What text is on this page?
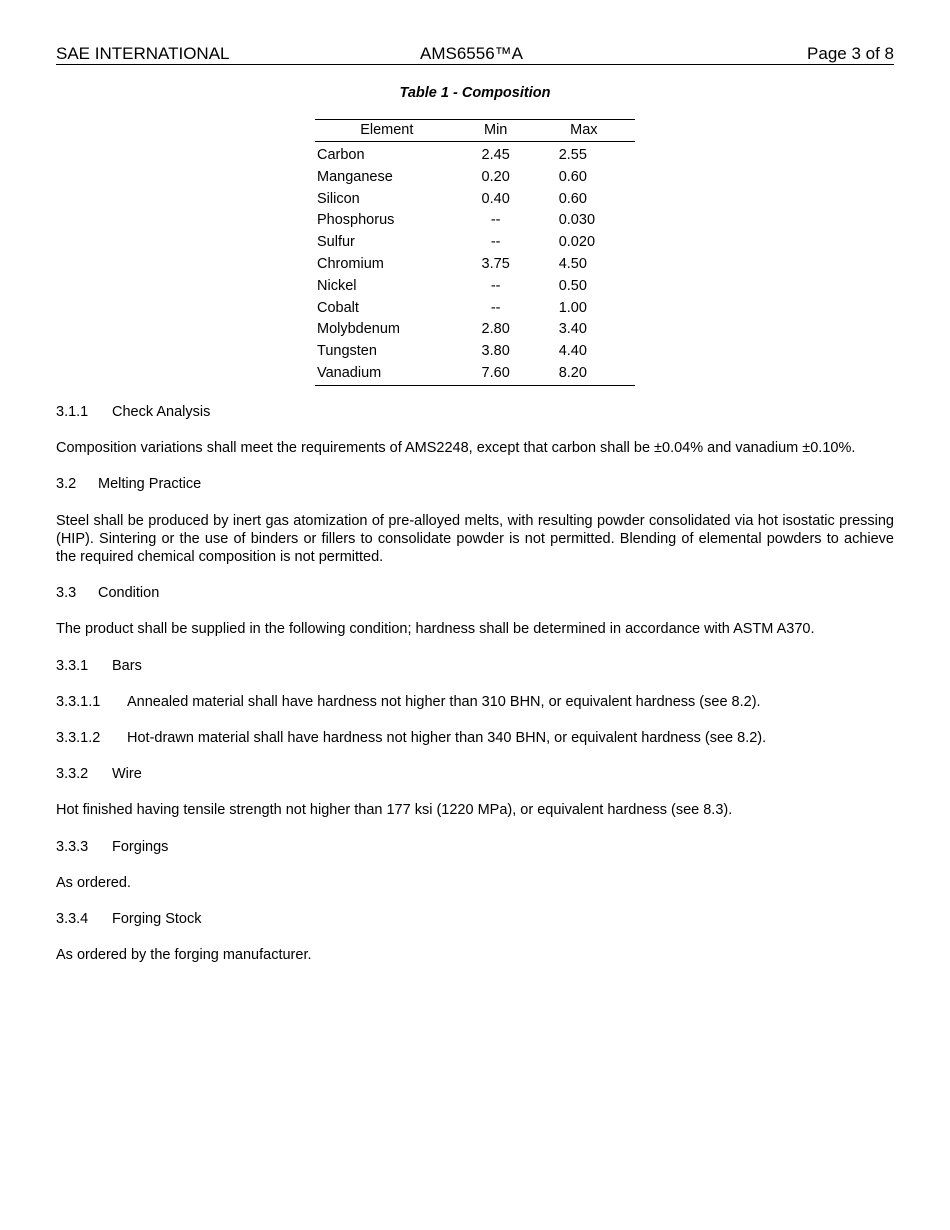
SAE INTERNATIONAL	AMS6556™A	Page 3 of 8
Table 1 - Composition
Element	Min	Max
Carbon	2.45	2.55
Manganese	0.20	0.60
Silicon	0.40	0.60
Phosphorus	--	0.030
Sulfur	--	0.020
Chromium	3.75	4.50
Nickel	--	0.50
Cobalt	--	1.00
Molybdenum	2.80	3.40
Tungsten	3.80	4.40
Vanadium	7.60	8.20
3.1.1 Check Analysis
Composition variations shall meet the requirements of AMS2248, except that carbon shall be ±0.04% and vanadium ±0.10%.
3.2 Melting Practice
Steel shall be produced by inert gas atomization of pre-alloyed melts, with resulting powder consolidated via hot isostatic pressing (HIP). Sintering or the use of binders or fillers to consolidate powder is not permitted. Blending of elemental powders to achieve the required chemical composition is not permitted.
3.3 Condition
The product shall be supplied in the following condition; hardness shall be determined in accordance with ASTM A370.
3.3.1 Bars
3.3.1.1 Annealed material shall have hardness not higher than 310 BHN, or equivalent hardness (see 8.2).
3.3.1.2 Hot-drawn material shall have hardness not higher than 340 BHN, or equivalent hardness (see 8.2).
3.3.2 Wire
Hot finished having tensile strength not higher than 177 ksi (1220 MPa), or equivalent hardness (see 8.3).
3.3.3 Forgings
As ordered.
3.3.4 Forging Stock
As ordered by the forging manufacturer.
